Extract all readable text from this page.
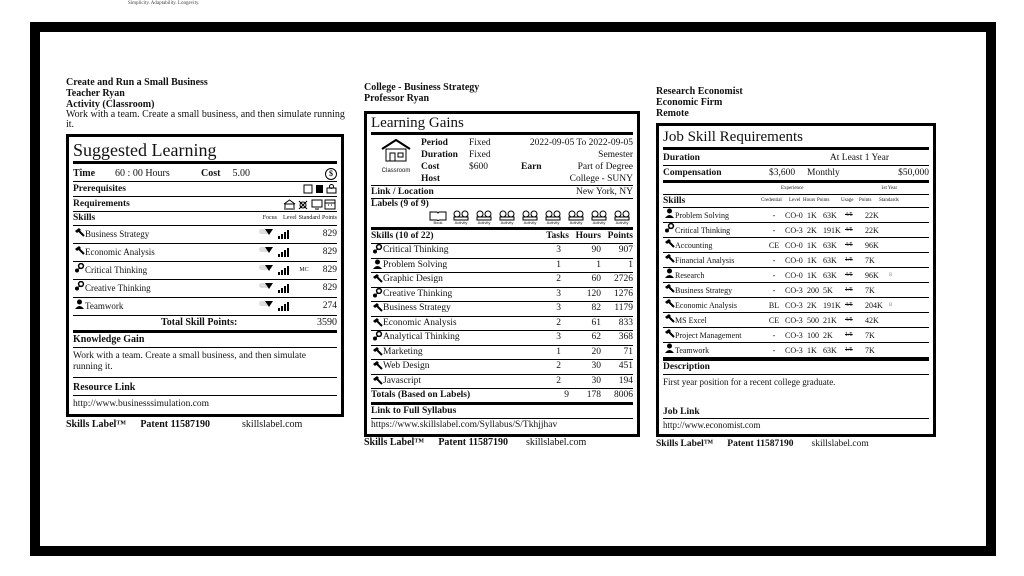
Simplicity. Adaptability. Longevity.
Create and Run a Small Business
Teacher Ryan
Activity (Classroom)
Work with a team. Create a small business, and then simulate running it.
Suggested Learning
Time 60 : 00 Hours	Cost 5.00	$
Prerequisites
Requirements
Skills	Focus Level Standard Points
Business Strategy	829
Economic Analysis	829
Critical Thinking	MC	829
Creative Thinking	829
Teamwork	274
Total Skill Points:	3590
Knowledge Gain
Work with a team. Create a small business, and then simulate running it.
Resource Link
http://www.businesssimulation.com
Skills Label™ Patent 11587190	skillslabel.com
College - Business Strategy
Professor Ryan
Learning Gains
Classroom
Period	Fixed	2022-09-05 To 2022-09-05
Duration	Fixed	Semester
Cost	$600	Earn	Part of Degree
Host	College - SUNY
Link / Location	New York, NY
Labels (9 of 9)
Book	Activity	Activity	Activity	Activity	Activity	Activity	Activity	Activity
Skills (10 of 22)	Tasks Hours Points
Critical Thinking	3	90	907
Problem Solving	1	1	1
Graphic Design	2	60	2726
Creative Thinking	3	120	1276
Business Strategy	3	82	1179
Economic Analysis	2	61	833
Analytical Thinking	3	62	368
Marketing	1	20	71
Web Design	2	30	451
Javascript	2	30	194
Totals (Based on Labels)	9	178	8006
Link to Full Syllabus
https://www.skillslabel.com/Syllabus/S/Tkhjjhav
Skills Label™ Patent 11587190 skillslabel.com
Research Economist
Economic Firm
Remote
Job Skill Requirements
Duration	At Least 1 Year
Compensation	$3,600	Monthly	$50,000
Experience	1st Year
Skills	Credential	Level Hours Points	Usage	Points	Standards
Problem Solving	-	CO-0 1K 63K	4/5	22K
Critical Thinking	-	CO-3 2K 191K 4/5	22K
Accounting	CE CO-0 1K 63K	4/5	96K
Financial Analysis	-	CO-0 1K 63K	1/5	7K
Research	-	CO-0 1K 63K	4/5	96K	B
Business Strategy	-	CO-3 200 5K	1/5	7K
Economic Analysis	BL CO-3 2K 191K 4/5	204K	B
MS Excel	CE CO-3 500 21K	4/5	42K
Project Management	-	CO-3 100 2K	1/5	7K
Teamwork	-	CO-3 1K 63K	1/5	7K
Description
First year position for a recent college graduate.
Job Link
http://www.economist.com
Skills Label™ Patent 11587190 skillslabel.com
